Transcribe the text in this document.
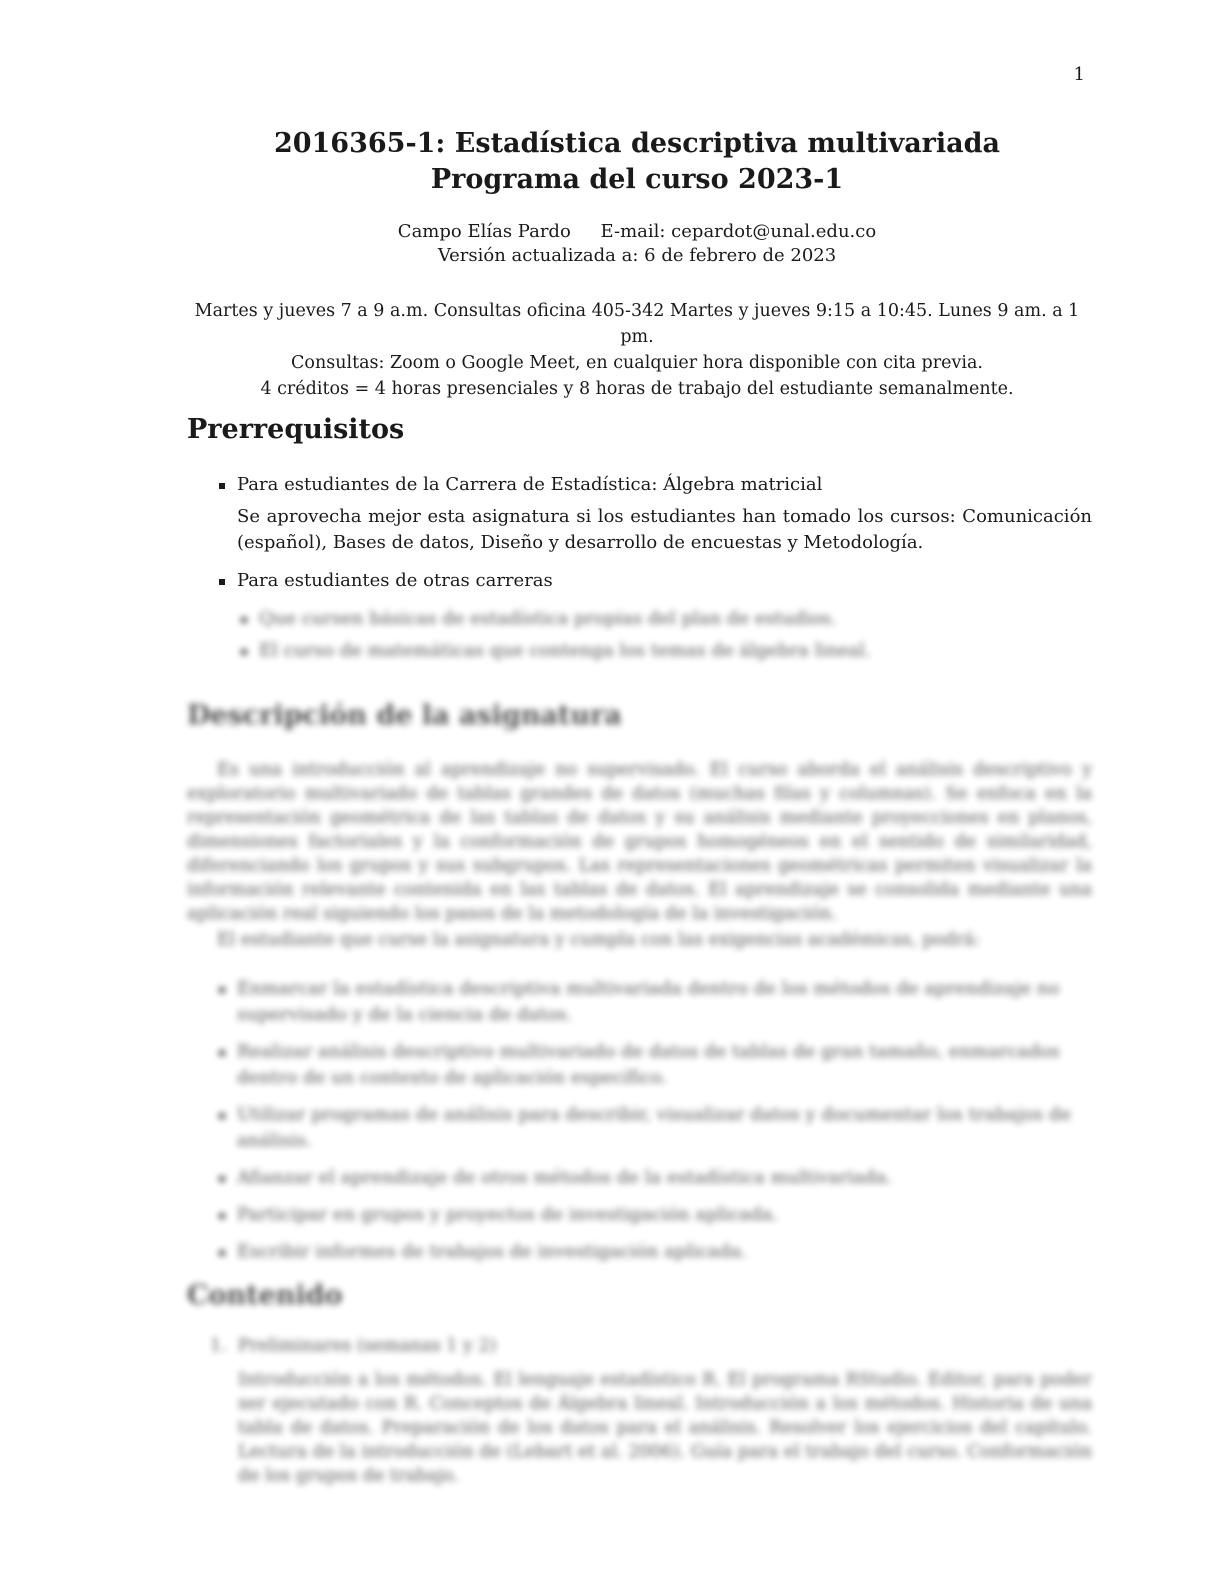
1
2016365-1: Estadística descriptiva multivariada
Programa del curso 2023-1
Campo Elías Pardo E-mail: cepardot@unal.edu.co
Versión actualizada a: 6 de febrero de 2023
Martes y jueves 7 a 9 a.m. Consultas oficina 405-342 Martes y jueves 9:15 a 10:45. Lunes 9 am. a 1 pm.
Consultas: Zoom o Google Meet, en cualquier hora disponible con cita previa.
4 créditos = 4 horas presenciales y 8 horas de trabajo del estudiante semanalmente.
Prerrequisitos
Para estudiantes de la Carrera de Estadística: Álgebra matricial
Se aprovecha mejor esta asignatura si los estudiantes han tomado los cursos: Comunicación (español), Bases de datos, Diseño y desarrollo de encuestas y Metodología.
Para estudiantes de otras carreras
Que cursen básicas de estadística propias del plan de estudios.
El curso de matemáticas que contenga los temas de álgebra lineal.
Descripción de la asignatura

Es una introducción al aprendizaje no supervisado. El curso aborda el análisis descriptivo y exploratorio multivariado de tablas grandes de datos (muchas filas y columnas). Se enfoca en la representación geométrica de las tablas de datos y su análisis mediante proyecciones en planos, dimensiones factoriales y la conformación de grupos homogéneos en el sentido de similaridad, diferenciando los grupos y sus subgrupos. Las representaciones geométricas permiten visualizar la información relevante contenida en las tablas de datos. El aprendizaje se consolida mediante una aplicación real siguiendo los pasos de la metodología de la investigación.

El estudiante que curse la asignatura y cumpla con las exigencias académicas, podrá:

Enmarcar la estadística descriptiva multivariada dentro de los métodos de aprendizaje no supervisado y de la ciencia de datos.
Realizar análisis descriptivo multivariado de datos de tablas de gran tamaño, enmarcados dentro de un contexto de aplicación específico.
Utilizar programas de análisis para describir, visualizar datos y documentar los trabajos de análisis.
Afianzar el aprendizaje de otros métodos de la estadística multivariada.
Participar en grupos y proyectos de investigación aplicada.
Escribir informes de trabajos de investigación aplicada.
Contenido
1. Preliminares (semanas 1 y 2)
Introducción a los métodos. El lenguaje estadístico R. El programa RStudio. Editor, para poder ser ejecutado con R. Conceptos de Álgebra lineal. Introducción a los métodos. Historia de una tabla de datos. Preparación de los datos para el análisis. Resolver los ejercicios del capítulo. Lectura de la introducción de (Lebart et al. 2006). Guía para el trabajo del curso. Conformación de los grupos de trabajo.
